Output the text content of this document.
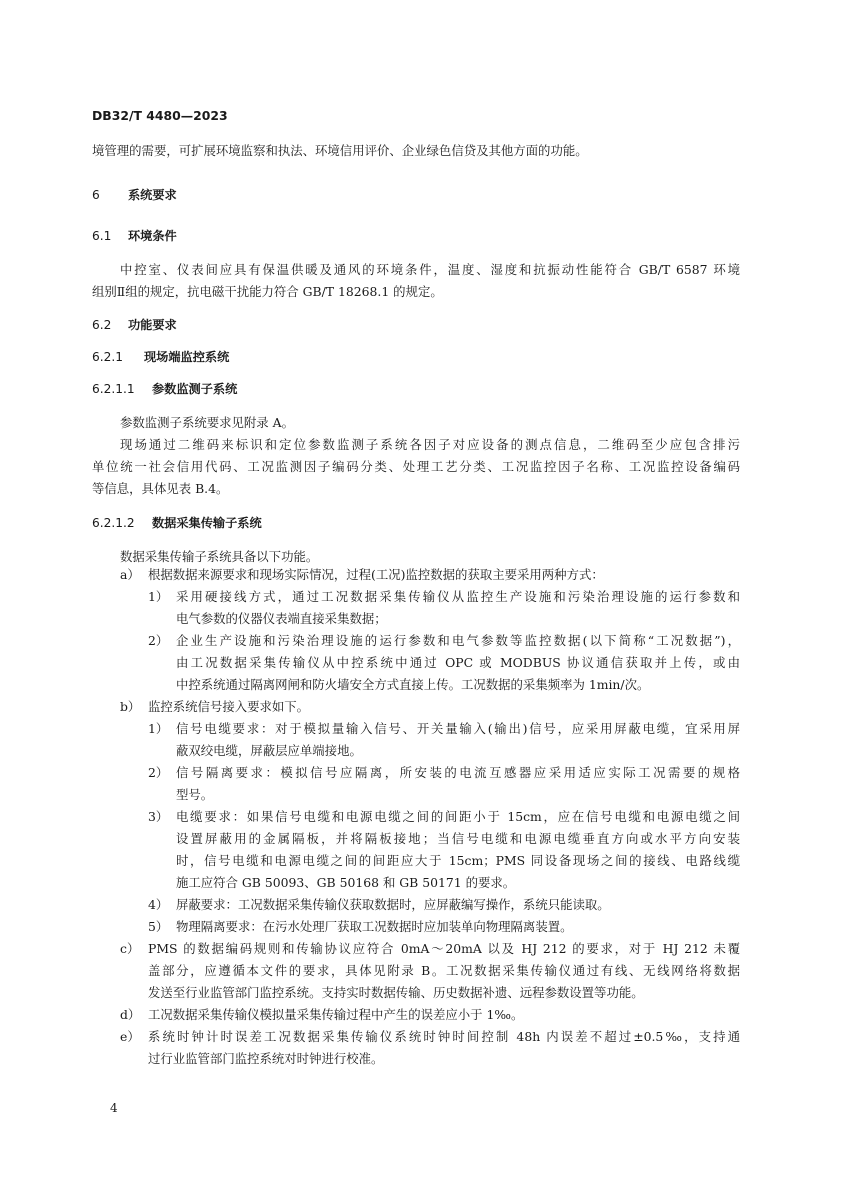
DB32/T 4480—2023
境管理的需要，可扩展环境监察和执法、环境信用评价、企业绿色信贷及其他方面的功能。
6 系统要求
6.1 环境条件
中控室、仪表间应具有保温供暖及通风的环境条件，温度、湿度和抗振动性能符合 GB/T 6587 环境
组别Ⅱ组的规定，抗电磁干扰能力符合 GB/T 18268.1 的规定。
6.2 功能要求
6.2.1 现场端监控系统
6.2.1.1 参数监测子系统
参数监测子系统要求见附录 A。
现场通过二维码来标识和定位参数监测子系统各因子对应设备的测点信息，二维码至少应包含排污
单位统一社会信用代码、工况监测因子编码分类、处理工艺分类、工况监控因子名称、工况监控设备编码
等信息，具体见表 B.4。
6.2.1.2 数据采集传输子系统
数据采集传输子系统具备以下功能。
a） 根据数据来源要求和现场实际情况，过程(工况)监控数据的获取主要采用两种方式：
1） 采用硬接线方式，通过工况数据采集传输仪从监控生产设施和污染治理设施的运行参数和
电气参数的仪器仪表端直接采集数据；
2） 企业生产设施和污染治理设施的运行参数和电气参数等监控数据(以下简称“工况数据”)，
由工况数据采集传输仪从中控系统中通过 OPC 或 MODBUS 协议通信获取并上传，或由
中控系统通过隔离网闸和防火墙安全方式直接上传。工况数据的采集频率为 1min/次。
b） 监控系统信号接入要求如下。
1） 信号电缆要求：对于模拟量输入信号、开关量输入(输出)信号，应采用屏蔽电缆，宜采用屏
蔽双绞电缆，屏蔽层应单端接地。
2） 信号隔离要求：模拟信号应隔离，所安装的电流互感器应采用适应实际工况需要的规格
型号。
3） 电缆要求：如果信号电缆和电源电缆之间的间距小于 15cm，应在信号电缆和电源电缆之间
设置屏蔽用的金属隔板，并将隔板接地；当信号电缆和电源电缆垂直方向或水平方向安装
时，信号电缆和电源电缆之间的间距应大于 15cm；PMS 同设备现场之间的接线、电路线缆
施工应符合 GB 50093、GB 50168 和 GB 50171 的要求。
4） 屏蔽要求：工况数据采集传输仪获取数据时，应屏蔽编写操作，系统只能读取。
5） 物理隔离要求：在污水处理厂获取工况数据时应加装单向物理隔离装置。
c） PMS 的数据编码规则和传输协议应符合 0mA～20mA 以及 HJ 212 的要求，对于 HJ 212 未覆
盖部分，应遵循本文件的要求，具体见附录 B。工况数据采集传输仪通过有线、无线网络将数据
发送至行业监管部门监控系统。支持实时数据传输、历史数据补遗、远程参数设置等功能。
d） 工况数据采集传输仪模拟量采集传输过程中产生的误差应小于 1‰。
e） 系统时钟计时误差工况数据采集传输仪系统时钟时间控制 48h 内误差不超过±0.5‰，支持通
过行业监管部门监控系统对时钟进行校准。
4
